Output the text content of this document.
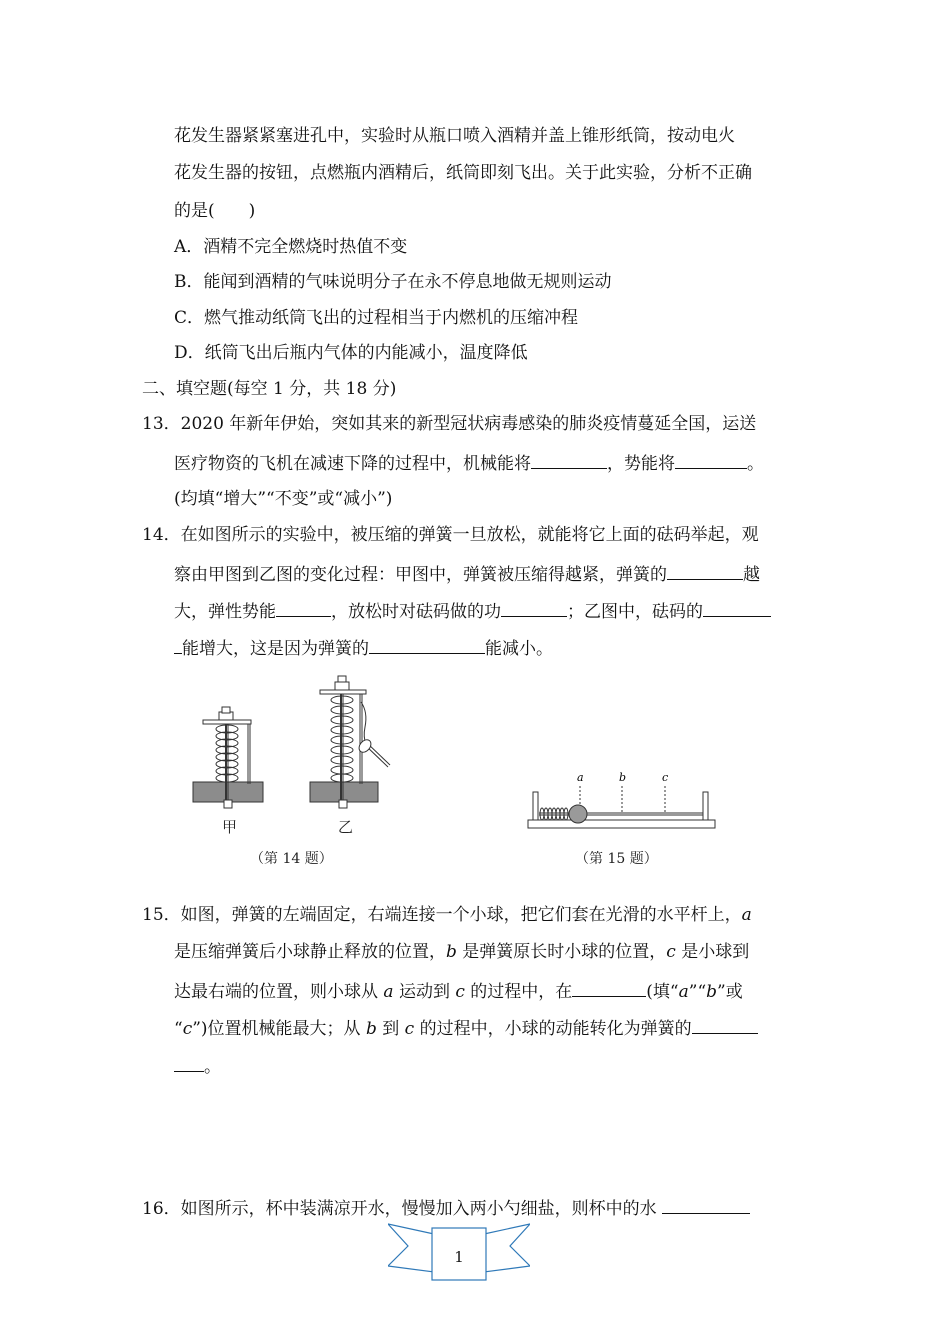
花发生器紧紧塞进孔中，实验时从瓶口喷入酒精并盖上锥形纸筒，按动电火
花发生器的按钮，点燃瓶内酒精后，纸筒即刻飞出。关于此实验，分析不正确
的是(　　)
A．酒精不完全燃烧时热值不变
B．能闻到酒精的气味说明分子在永不停息地做无规则运动
C．燃气推动纸筒飞出的过程相当于内燃机的压缩冲程
D．纸筒飞出后瓶内气体的内能减小，温度降低
二、填空题(每空 1 分，共 18 分)
13．2020 年新年伊始，突如其来的新型冠状病毒感染的肺炎疫情蔓延全国，运送
医疗物资的飞机在减速下降的过程中，机械能将	，势能将	。
(均填“增大”“不变”或“减小”)
14．在如图所示的实验中，被压缩的弹簧一旦放松，就能将它上面的砝码举起，观
察由甲图到乙图的变化过程：甲图中，弹簧被压缩得越紧，弹簧的	越
大，弹性势能	，放松时对砝码做的功	；乙图中，砝码的
能增大，这是因为弹簧的	能减小。
甲	乙
（第 14 题）
a	b	c
（第 15 题）
15．如图，弹簧的左端固定，右端连接一个小球，把它们套在光滑的水平杆上，a
是压缩弹簧后小球静止释放的位置，b 是弹簧原长时小球的位置，c 是小球到
达最右端的位置，则小球从 a 运动到 c 的过程中，在	(填“a”“b”或
“c”)位置机械能最大；从 b 到 c 的过程中，小球的动能转化为弹簧的
。
16．如图所示，杯中装满凉开水，慢慢加入两小勺细盐，则杯中的水
1
